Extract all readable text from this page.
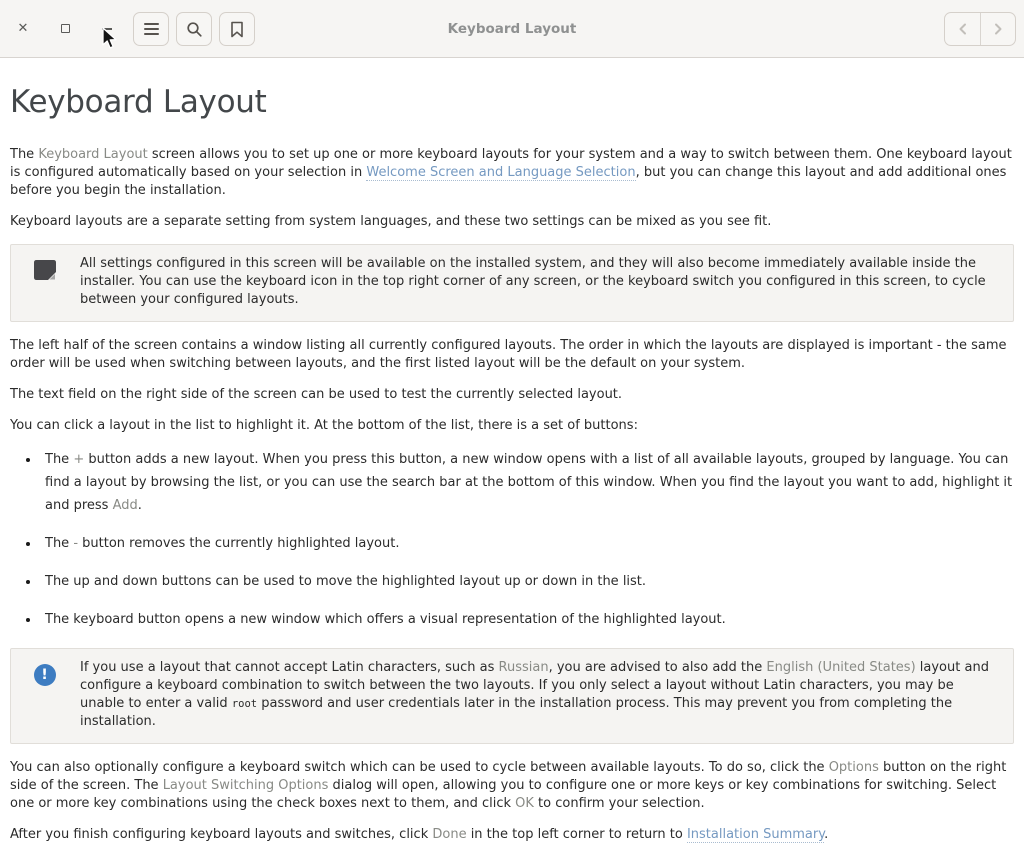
✕	Keyboard Layout
Keyboard Layout

The Keyboard Layout screen allows you to set up one or more keyboard layouts for your system and a way to switch between them. One keyboard layout is configured automatically based on your selection in Welcome Screen and Language Selection, but you can change this layout and add additional ones before you begin the installation.

Keyboard layouts are a separate setting from system languages, and these two settings can be mixed as you see fit.

All settings configured in this screen will be available on the installed system, and they will also become immediately available inside the installer. You can use the keyboard icon in the top right corner of any screen, or the keyboard switch you configured in this screen, to cycle between your configured layouts.

The left half of the screen contains a window listing all currently configured layouts. The order in which the layouts are displayed is important - the same order will be used when switching between layouts, and the first listed layout will be the default on your system.

The text field on the right side of the screen can be used to test the currently selected layout.

You can click a layout in the list to highlight it. At the bottom of the list, there is a set of buttons:

• The + button adds a new layout. When you press this button, a new window opens with a list of all available layouts, grouped by language. You can find a layout by browsing the list, or you can use the search bar at the bottom of this window. When you find the layout you want to add, highlight it and press Add.
• The - button removes the currently highlighted layout.
• The up and down buttons can be used to move the highlighted layout up or down in the list.
• The keyboard button opens a new window which offers a visual representation of the highlighted layout.
! If you use a layout that cannot accept Latin characters, such as Russian, you are advised to also add the English (United States) layout and configure a keyboard combination to switch between the two layouts. If you only select a layout without Latin characters, you may be unable to enter a valid root password and user credentials later in the installation process. This may prevent you from completing the installation.

You can also optionally configure a keyboard switch which can be used to cycle between available layouts. To do so, click the Options button on the right side of the screen. The Layout Switching Options dialog will open, allowing you to configure one or more keys or key combinations for switching. Select one or more key combinations using the check boxes next to them, and click OK to confirm your selection.

After you finish configuring keyboard layouts and switches, click Done in the top left corner to return to Installation Summary.
